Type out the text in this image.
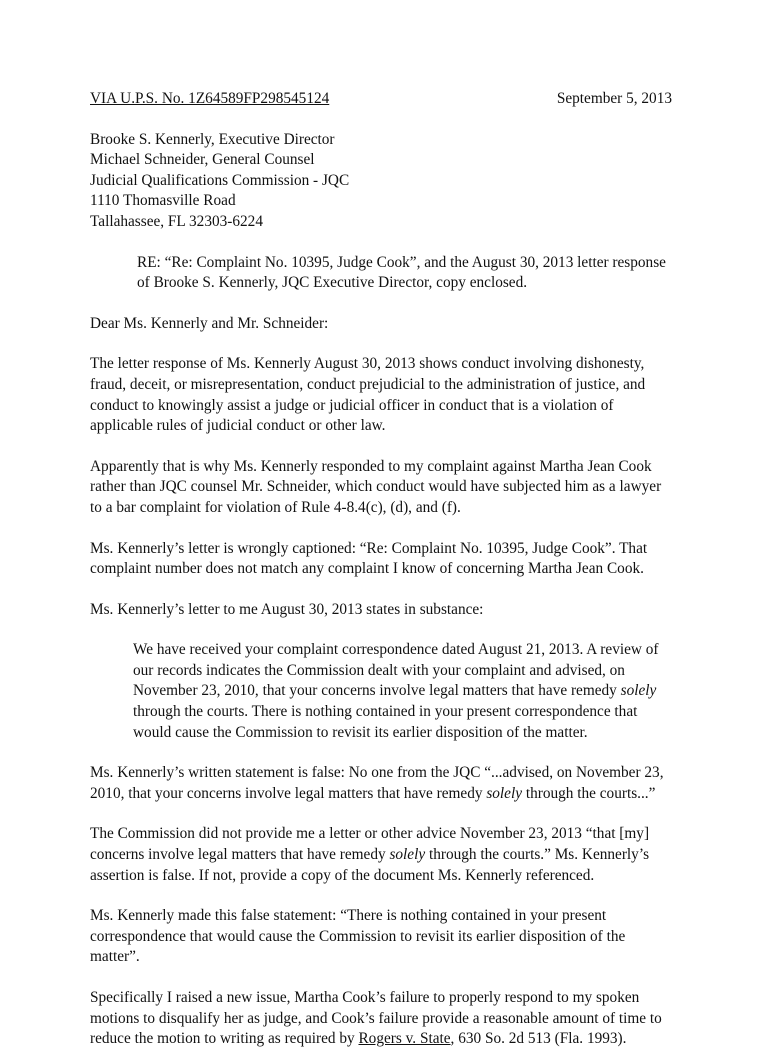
VIA U.P.S. No. 1Z64589FP298545124	September 5, 2013
Brooke S. Kennerly, Executive Director
Michael Schneider, General Counsel
Judicial Qualifications Commission - JQC
1110 Thomasville Road
Tallahassee, FL 32303-6224
RE: “Re: Complaint No. 10395, Judge Cook”, and the August 30, 2013 letter response of Brooke S. Kennerly, JQC Executive Director, copy enclosed.
Dear Ms. Kennerly and Mr. Schneider:

The letter response of Ms. Kennerly August 30, 2013 shows conduct involving dishonesty, fraud, deceit, or misrepresentation, conduct prejudicial to the administration of justice, and conduct to knowingly assist a judge or judicial officer in conduct that is a violation of applicable rules of judicial conduct or other law.

Apparently that is why Ms. Kennerly responded to my complaint against Martha Jean Cook rather than JQC counsel Mr. Schneider, which conduct would have subjected him as a lawyer to a bar complaint for violation of Rule 4-8.4(c), (d), and (f).

Ms. Kennerly’s letter is wrongly captioned: “Re: Complaint No. 10395, Judge Cook”. That complaint number does not match any complaint I know of concerning Martha Jean Cook.

Ms. Kennerly’s letter to me August 30, 2013 states in substance:

We have received your complaint correspondence dated August 21, 2013. A review of our records indicates the Commission dealt with your complaint and advised, on November 23, 2010, that your concerns involve legal matters that have remedy solely through the courts. There is nothing contained in your present correspondence that would cause the Commission to revisit its earlier disposition of the matter.

Ms. Kennerly’s written statement is false: No one from the JQC “...advised, on November 23, 2010, that your concerns involve legal matters that have remedy solely through the courts...”

The Commission did not provide me a letter or other advice November 23, 2013 “that [my] concerns involve legal matters that have remedy solely through the courts.” Ms. Kennerly’s assertion is false. If not, provide a copy of the document Ms. Kennerly referenced.

Ms. Kennerly made this false statement: “There is nothing contained in your present correspondence that would cause the Commission to revisit its earlier disposition of the matter”.

Specifically I raised a new issue, Martha Cook’s failure to properly respond to my spoken motions to disqualify her as judge, and Cook’s failure provide a reasonable amount of time to reduce the motion to writing as required by Rogers v. State, 630 So. 2d 513 (Fla. 1993).
